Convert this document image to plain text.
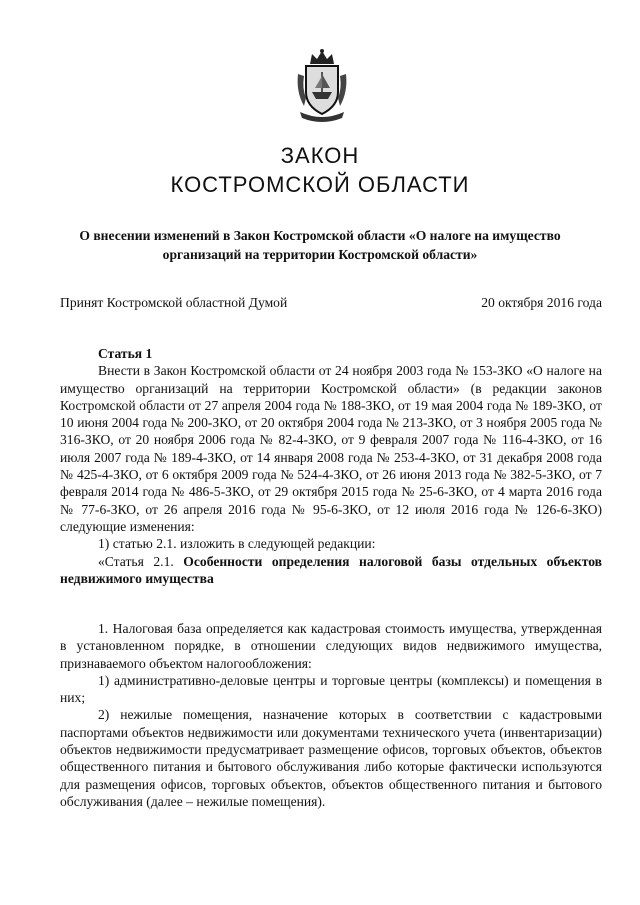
ЗАКОН
КОСТРОМСКОЙ ОБЛАСТИ
О внесении изменений в Закон Костромской области «О налоге на имущество организаций на территории Костромской области»
Принят Костромской областной Думой	20 октября 2016 года

Статья 1

Внести в Закон Костромской области от 24 ноября 2003 года № 153-ЗКО «О налоге на имущество организаций на территории Костромской области» (в редакции законов Костромской области от 27 апреля 2004 года № 188-ЗКО, от 19 мая 2004 года № 189-ЗКО, от 10 июня 2004 года № 200-ЗКО, от 20 октября 2004 года № 213-ЗКО, от 3 ноября 2005 года № 316-ЗКО, от 20 ноября 2006 года № 82-4-ЗКО, от 9 февраля 2007 года № 116-4-ЗКО, от 16 июля 2007 года № 189-4-ЗКО, от 14 января 2008 года № 253-4-ЗКО, от 31 декабря 2008 года № 425-4-ЗКО, от 6 октября 2009 года № 524-4-ЗКО, от 26 июня 2013 года № 382-5-ЗКО, от 7 февраля 2014 года № 486-5-ЗКО, от 29 октября 2015 года № 25-6-ЗКО, от 4 марта 2016 года № 77-6-ЗКО, от 26 апреля 2016 года № 95-6-ЗКО, от 12 июля 2016 года № 126-6-ЗКО) следующие изменения:

1) статью 2.1. изложить в следующей редакции:

«Статья 2.1. Особенности определения налоговой базы отдельных объектов недвижимого имущества

1. Налоговая база определяется как кадастровая стоимость имущества, утвержденная в установленном порядке, в отношении следующих видов недвижимого имущества, признаваемого объектом налогообложения:

1) административно-деловые центры и торговые центры (комплексы) и помещения в них;

2) нежилые помещения, назначение которых в соответствии с кадастровыми паспортами объектов недвижимости или документами технического учета (инвентаризации) объектов недвижимости предусматривает размещение офисов, торговых объектов, объектов общественного питания и бытового обслуживания либо которые фактически используются для размещения офисов, торговых объектов, объектов общественного питания и бытового обслуживания (далее – нежилые помещения).
